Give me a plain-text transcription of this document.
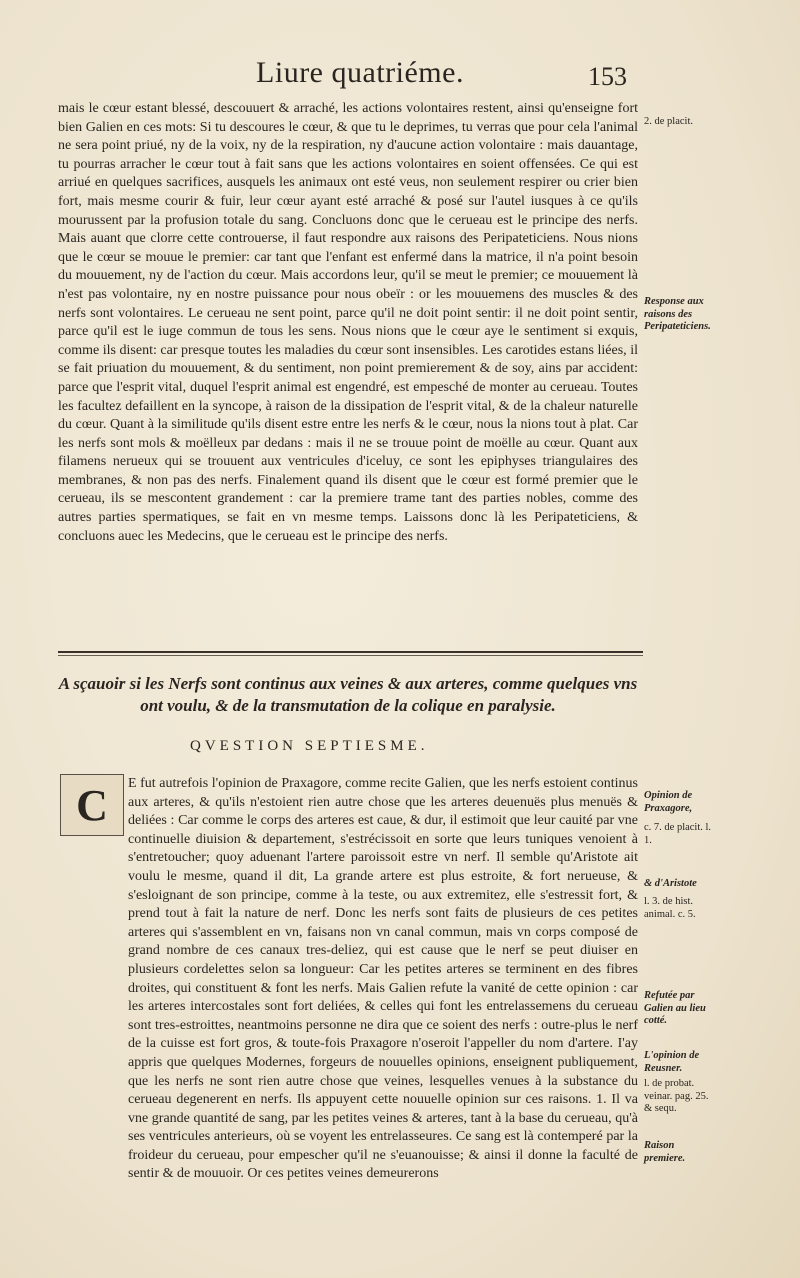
Liure quatriéme.	153

mais le cœur estant blessé, descouuert & arraché, les actions volontaires restent, ainsi qu'enseigne fort bien Galien en ces mots: Si tu descoures le cœur, & que tu le deprimes, tu verras que pour cela l'animal ne sera point priué, ny de la voix, ny de la respiration, ny d'aucune action volontaire : mais dauantage, tu pourras arracher le cœur tout à fait sans que les actions volontaires en soient offensées. Ce qui est arriué en quelques sacrifices, ausquels les animaux ont esté veus, non seulement respirer ou crier bien fort, mais mesme courir & fuir, leur cœur ayant esté arraché & posé sur l'autel iusques à ce qu'ils mourussent par la profusion totale du sang. Concluons donc que le cerueau est le principe des nerfs. Mais auant que clorre cette controuerse, il faut respondre aux raisons des Peripateticiens. Nous nions que le cœur se mouue le premier: car tant que l'enfant est enfermé dans la matrice, il n'a point besoin du mouuement, ny de l'action du cœur. Mais accordons leur, qu'il se meut le premier; ce mouuement là n'est pas volontaire, ny en nostre puissance pour nous obeïr : or les mouuemens des muscles & des nerfs sont volontaires. Le cerueau ne sent point, parce qu'il ne doit point sentir: il ne doit point sentir, parce qu'il est le iuge commun de tous les sens. Nous nions que le cœur aye le sentiment si exquis, comme ils disent: car presque toutes les maladies du cœur sont insensibles. Les carotides estans liées, il se fait priuation du mouuement, & du sentiment, non point premierement & de soy, ains par accident: parce que l'esprit vital, duquel l'esprit animal est engendré, est empesché de monter au cerueau. Toutes les facultez defaillent en la syncope, à raison de la dissipation de l'esprit vital, & de la chaleur naturelle du cœur. Quant à la similitude qu'ils disent estre entre les nerfs & le cœur, nous la nions tout à plat. Car les nerfs sont mols & moëlleux par dedans : mais il ne se trouue point de moëlle au cœur. Quant aux filamens nerueux qui se trouuent aux ventricules d'iceluy, ce sont les epiphyses triangulaires des membranes, & non pas des nerfs. Finalement quand ils disent que le cœur est formé premier que le cerueau, ils se mescontent grandement : car la premiere trame tant des parties nobles, comme des autres parties spermatiques, se fait en vn mesme temps. Laissons donc là les Peripateticiens, & concluons auec les Medecins, que le cerueau est le principe des nerfs.

2. de placit.
Response aux raisons des Peripateticiens.
A sçauoir si les Nerfs sont continus aux veines & aux arteres, comme quelques vns ont voulu, & de la transmutation de la colique en paralysie.
QVESTION SEPTIESME.
C	E fut autrefois l'opinion de Praxagore, comme recite Galien, que les nerfs estoient continus aux arteres, & qu'ils n'estoient rien autre chose que les arteres deuenuës plus menuës & deliées : Car comme le corps des arteres est caue, & dur, il estimoit que leur cauité par vne continuelle diuision & departement, s'estrécissoit en sorte que leurs tuniques venoient à s'entretoucher; quoy aduenant l'artere paroissoit estre vn nerf. Il semble qu'Aristote ait voulu le mesme, quand il dit, La grande artere est plus estroite, & fort nerueuse, & s'esloignant de son principe, comme à la teste, ou aux extremitez, elle s'estressit fort, & prend tout à fait la nature de nerf. Donc les nerfs sont faits de plusieurs de ces petites arteres qui s'assemblent en vn, faisans non vn canal commun, mais vn corps composé de grand nombre de ces canaux tres-deliez, qui est cause que le nerf se peut diuiser en plusieurs cordelettes selon sa longueur: Car les petites arteres se terminent en des fibres droites, qui constituent & font les nerfs. Mais Galien refute la vanité de cette opinion : car les arteres intercostales sont fort deliées, & celles qui font les entrelassemens du cerueau sont tres-estroittes, neantmoins personne ne dira que ce soient des nerfs : outre-plus le nerf de la cuisse est fort gros, & toute-fois Praxagore n'oseroit l'appeller du nom d'artere. I'ay appris que quelques Modernes, forgeurs de nouuelles opinions, enseignent publiquement, que les nerfs ne sont rien autre chose que veines, lesquelles venues à la substance du cerueau degenerent en nerfs. Ils appuyent cette nouuelle opinion sur ces raisons. 1. Il va vne grande quantité de sang, par les petites veines & arteres, tant à la base du cerueau, qu'à ses ventricules anterieurs, où se voyent les entrelasseures. Ce sang est là contemperé par la froideur du cerueau, pour empescher qu'il ne s'euanouisse; & ainsi il donne la faculté de sentir & de mouuoir. Or ces petites veines demeurerons

Opinion de Praxagore,
c. 7. de placit. l. 1.
& d'Aristote
l. 3. de hist. animal. c. 5.
Refutée par Galien au lieu cotté.
L'opinion de Reusner.
l. de probat. veinar. pag. 25. & sequ.
Raison premiere.
